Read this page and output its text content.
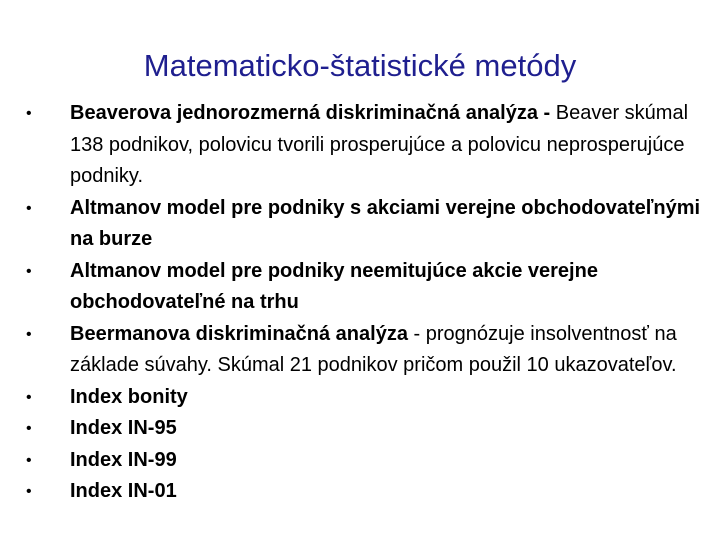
Matematicko-štatistické metódy
• Beaverova jednorozmerná diskriminačná analýza - Beaver skúmal 138 podnikov, polovicu tvorili prosperujúce a polovicu neprosperujúce podniky.
• Altmanov model pre podniky s akciami verejne obchodovateľnými na burze
• Altmanov model pre podniky neemitujúce akcie verejne obchodovateľné na trhu
• Beermanova diskriminačná analýza - prognózuje insolventnosť na základe súvahy. Skúmal 21 podnikov pričom použil 10 ukazovateľov.
• Index bonity
• Index IN-95
• Index IN-99
• Index IN-01
